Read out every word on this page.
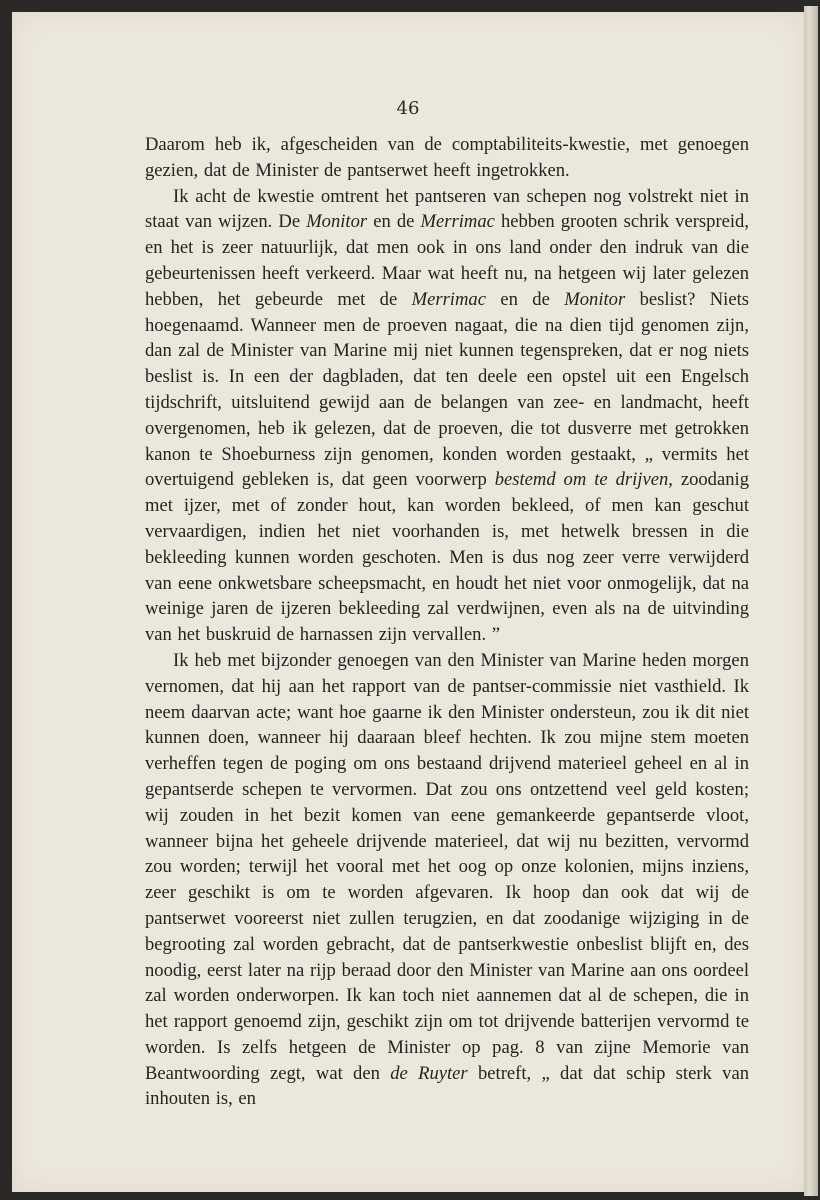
46

Daarom heb ik, afgescheiden van de comptabiliteits-kwestie, met genoegen gezien, dat de Minister de pantserwet heeft ingetrokken.

Ik acht de kwestie omtrent het pantseren van schepen nog volstrekt niet in staat van wijzen. De Monitor en de Merrimac hebben grooten schrik verspreid, en het is zeer natuurlijk, dat men ook in ons land onder den indruk van die gebeurtenissen heeft verkeerd. Maar wat heeft nu, na hetgeen wij later gelezen hebben, het gebeurde met de Merrimac en de Monitor beslist? Niets hoegenaamd. Wanneer men de proeven nagaat, die na dien tijd genomen zijn, dan zal de Minister van Marine mij niet kunnen tegenspreken, dat er nog niets beslist is. In een der dagbladen, dat ten deele een opstel uit een Engelsch tijdschrift, uitsluitend gewijd aan de belangen van zee- en landmacht, heeft overgenomen, heb ik gelezen, dat de proeven, die tot dusverre met getrokken kanon te Shoeburness zijn genomen, konden worden gestaakt, „ vermits het overtuigend gebleken is, dat geen voorwerp bestemd om te drijven, zoodanig met ijzer, met of zonder hout, kan worden bekleed, of men kan geschut vervaardigen, indien het niet voorhanden is, met hetwelk bressen in die bekleeding kunnen worden geschoten. Men is dus nog zeer verre verwijderd van eene onkwetsbare scheepsmacht, en houdt het niet voor onmogelijk, dat na weinige jaren de ijzeren bekleeding zal verdwijnen, even als na de uitvinding van het buskruid de harnassen zijn vervallen. ”

Ik heb met bijzonder genoegen van den Minister van Marine heden morgen vernomen, dat hij aan het rapport van de pantser-commissie niet vasthield. Ik neem daarvan acte; want hoe gaarne ik den Minister ondersteun, zou ik dit niet kunnen doen, wanneer hij daaraan bleef hechten. Ik zou mijne stem moeten verheffen tegen de poging om ons bestaand drijvend materieel geheel en al in gepantserde schepen te vervormen. Dat zou ons ontzettend veel geld kosten; wij zouden in het bezit komen van eene gemankeerde gepantserde vloot, wanneer bijna het geheele drijvende materieel, dat wij nu bezitten, vervormd zou worden; terwijl het vooral met het oog op onze kolonien, mijns inziens, zeer geschikt is om te worden afgevaren. Ik hoop dan ook dat wij de pantserwet vooreerst niet zullen terugzien, en dat zoodanige wijziging in de begrooting zal worden gebracht, dat de pantserkwestie onbeslist blijft en, des noodig, eerst later na rijp beraad door den Minister van Marine aan ons oordeel zal worden onderworpen. Ik kan toch niet aannemen dat al de schepen, die in het rapport genoemd zijn, geschikt zijn om tot drijvende batterijen vervormd te worden. Is zelfs hetgeen de Minister op pag. 8 van zijne Memorie van Beantwoording zegt, wat den de Ruyter betreft, „ dat dat schip sterk van inhouten is, en
